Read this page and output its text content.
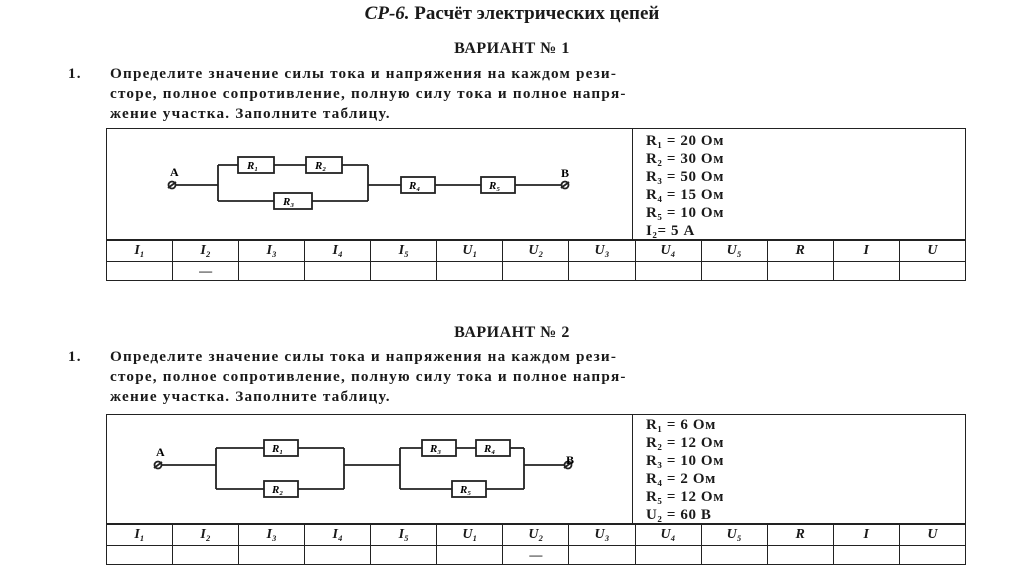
СР-6. Расчёт электрических цепей
ВАРИАНТ № 1
1. Определите значение силы тока и напряжения на каждом рези-
сторе, полное сопротивление, полную силу тока и полное напря-
жение участка. Заполните таблицу.
A	B
R₁	R₂
R₃
R₄	R₅
R₁ = 20 Ом
R₂ = 30 Ом
R₃ = 50 Ом
R₄ = 15 Ом
R₅ = 10 Ом
I₂= 5 А
I₁	I₂	I₃	I₄	I₅	U₁	U₂	U₃	U₄	U₅	R	I	U
	—											
ВАРИАНТ № 2
1. Определите значение силы тока и напряжения на каждом рези-
сторе, полное сопротивление, полную силу тока и полное напря-
жение участка. Заполните таблицу.
A
B
R₁
R₂
R₃	R₄
R₅
R₁ = 6 Ом
R₂ = 12 Ом
R₃ = 10 Ом
R₄ = 2 Ом
R₅ = 12 Ом
U₂ = 60 В
I₁	I₂	I₃	I₄	I₅	U₁	U₂	U₃	U₄	U₅	R	I	U
						—						
